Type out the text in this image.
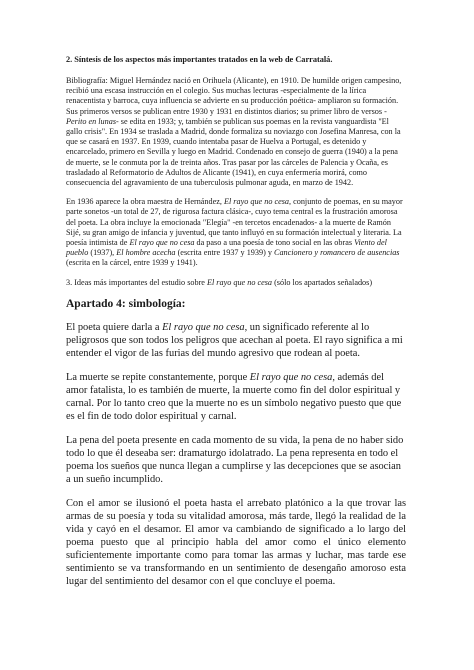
2. Síntesis de los aspectos más importantes tratados en la web de Carratalá.

Bibliografía: Miguel Hernández nació en Orihuela (Alicante), en 1910. De humilde origen campesino, recibió una escasa instrucción en el colegio. Sus muchas lecturas -especialmente de la lírica renacentista y barroca, cuya influencia se advierte en su producción poética- ampliaron su formación. Sus primeros versos se publican entre 1930 y 1931 en distintos diarios; su primer libro de versos -Perito en lunas- se edita en 1933; y, también se publican sus poemas en la revista vanguardista "El gallo crisis". En 1934 se traslada a Madrid, donde formaliza su noviazgo con Josefina Manresa, con la que se casará en 1937. En 1939, cuando intentaba pasar de Huelva a Portugal, es detenido y encarcelado, primero en Sevilla y luego en Madrid. Condenado en consejo de guerra (1940) a la pena de muerte, se le conmuta por la de treinta años. Tras pasar por las cárceles de Palencia y Ocaña, es trasladado al Reformatorio de Adultos de Alicante (1941), en cuya enfermería morirá, como consecuencia del agravamiento de una tuberculosis pulmonar aguda, en marzo de 1942.

En 1936 aparece la obra maestra de Hernández, El rayo que no cesa, conjunto de poemas, en su mayor parte sonetos -un total de 27, de rigurosa factura clásica-, cuyo tema central es la frustración amorosa del poeta. La obra incluye la emocionada "Elegía" -en tercetos encadenados- a la muerte de Ramón Sijé, su gran amigo de infancia y juventud, que tanto influyó en su formación intelectual y literaria. La poesía intimista de El rayo que no cesa da paso a una poesía de tono social en las obras Viento del pueblo (1937), El hombre acecha (escrita entre 1937 y 1939) y Cancionero y romancero de ausencias (escrita en la cárcel, entre 1939 y 1941).

3. Ideas más importantes del estudio sobre El rayo que no cesa (sólo los apartados señalados)

Apartado 4: simbología:

El poeta quiere darla a El rayo que no cesa, un significado referente al lo peligrosos que son todos los peligros que acechan al poeta. El rayo significa a mi entender el vigor de las furias del mundo agresivo que rodean al poeta.

La muerte se repite constantemente, porque El rayo que no cesa, además del amor fatalista, lo es también de muerte, la muerte como fin del dolor espiritual y carnal. Por lo tanto creo que la muerte no es un símbolo negativo puesto que que es el fin de todo dolor espiritual y carnal.

La pena del poeta presente en cada momento de su vida, la pena de no haber sido todo lo que él deseaba ser: dramaturgo idolatrado. La pena representa en todo el poema los sueños que nunca llegan a cumplirse y las decepciones que se asocian a un sueño incumplido.

Con el amor se ilusionó el poeta hasta el arrebato platónico a la que trovar las armas de su poesía y toda su vitalidad amorosa, más tarde, llegó la realidad de la vida y cayó en el desamor. El amor va cambiando de significado a lo largo del poema puesto que al principio habla del amor como el único elemento suficientemente importante como para tomar las armas y luchar, mas tarde ese sentimiento se va transformando en un sentimiento de desengaño amoroso esta lugar del sentimiento del desamor con el que concluye el poema.
